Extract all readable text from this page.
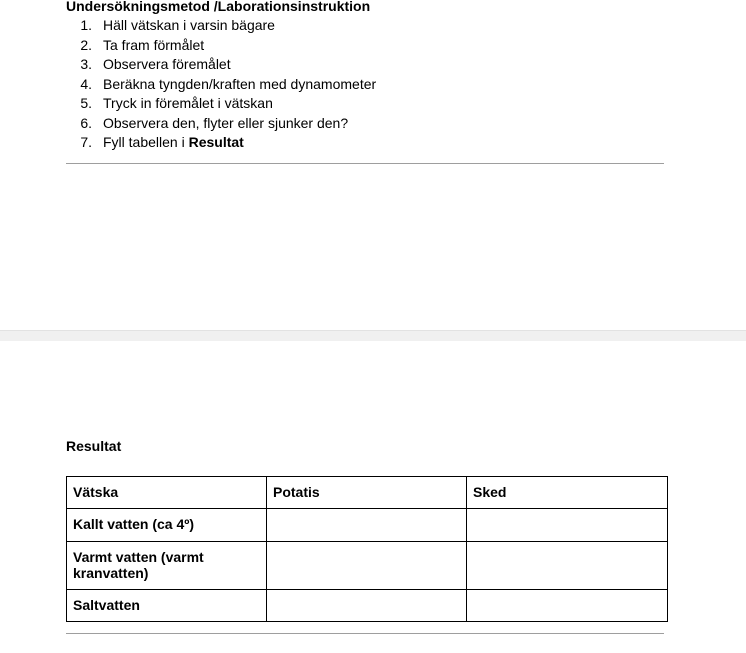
Undersökningsmetod /Laborationsinstruktion
1. Häll vätskan i varsin bägare
2. Ta fram förmålet
3. Observera föremålet
4. Beräkna tyngden/kraften med dynamometer
5. Tryck in föremålet i vätskan
6. Observera den, flyter eller sjunker den?
7. Fyll tabellen i Resultat
Resultat
Vätska	Potatis	Sked
Kallt vatten (ca 4º)		
Varmt vatten (varmt kranvatten)		
Saltvatten		
